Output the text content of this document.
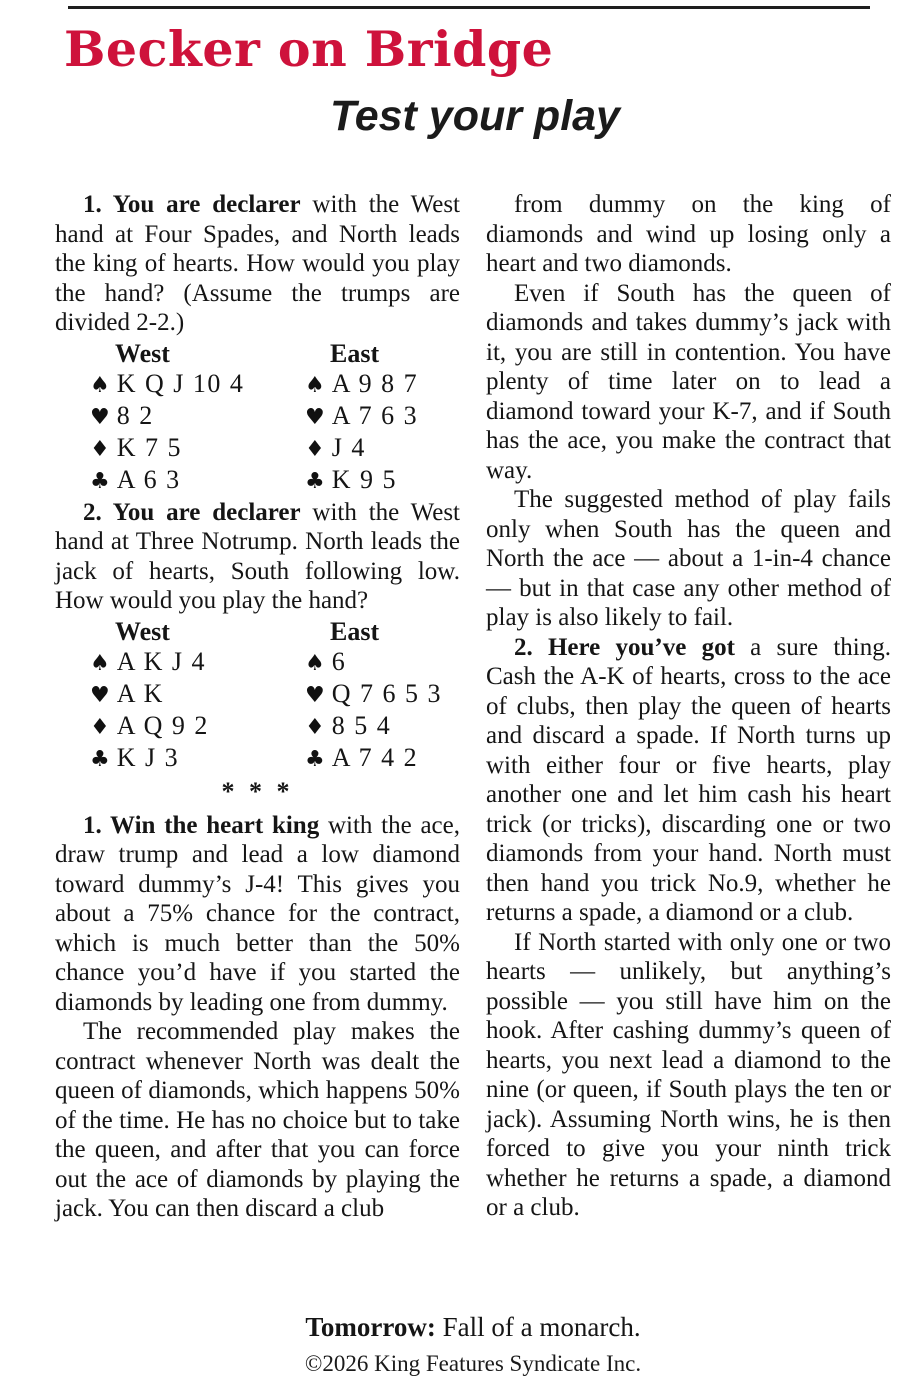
Becker on Bridge
Test your play

1. You are declarer with the West hand at Four Spades, and North leads the king of hearts. How would you play the hand? (Assume the trumps are divided 2-2.)

West	East
♠ K Q J 10 4	♠ A 9 8 7
♥ 8 2	♥ A 7 6 3
♦ K 7 5	♦ J 4
♣ A 6 3	♣ K 9 5

2. You are declarer with the West hand at Three Notrump. North leads the jack of hearts, South following low. How would you play the hand?

West	East
♠ A K J 4	♠ 6
♥ A K	♥ Q 7 6 5 3
♦ A Q 9 2	♦ 8 5 4
♣ K J 3	♣ A 7 4 2
* * *

1. Win the heart king with the ace, draw trump and lead a low diamond toward dummy’s J-4! This gives you about a 75% chance for the contract, which is much better than the 50% chance you’d have if you started the diamonds by leading one from dummy.

The recommended play makes the contract whenever North was dealt the queen of diamonds, which happens 50% of the time. He has no choice but to take the queen, and after that you can force out the ace of diamonds by playing the jack. You can then discard a club

from dummy on the king of diamonds and wind up losing only a heart and two diamonds.

Even if South has the queen of diamonds and takes dummy’s jack with it, you are still in contention. You have plenty of time later on to lead a diamond toward your K-7, and if South has the ace, you make the contract that way.

The suggested method of play fails only when South has the queen and North the ace — about a 1-in-4 chance — but in that case any other method of play is also likely to fail.

2. Here you’ve got a sure thing. Cash the A-K of hearts, cross to the ace of clubs, then play the queen of hearts and discard a spade. If North turns up with either four or five hearts, play another one and let him cash his heart trick (or tricks), discarding one or two diamonds from your hand. North must then hand you trick No.9, whether he returns a spade, a diamond or a club.

If North started with only one or two hearts — unlikely, but anything’s possible — you still have him on the hook. After cashing dummy’s queen of hearts, you next lead a diamond to the nine (or queen, if South plays the ten or jack). Assuming North wins, he is then forced to give you your ninth trick whether he returns a spade, a diamond or a club.

Tomorrow: Fall of a monarch.

©2026 King Features Syndicate Inc.
